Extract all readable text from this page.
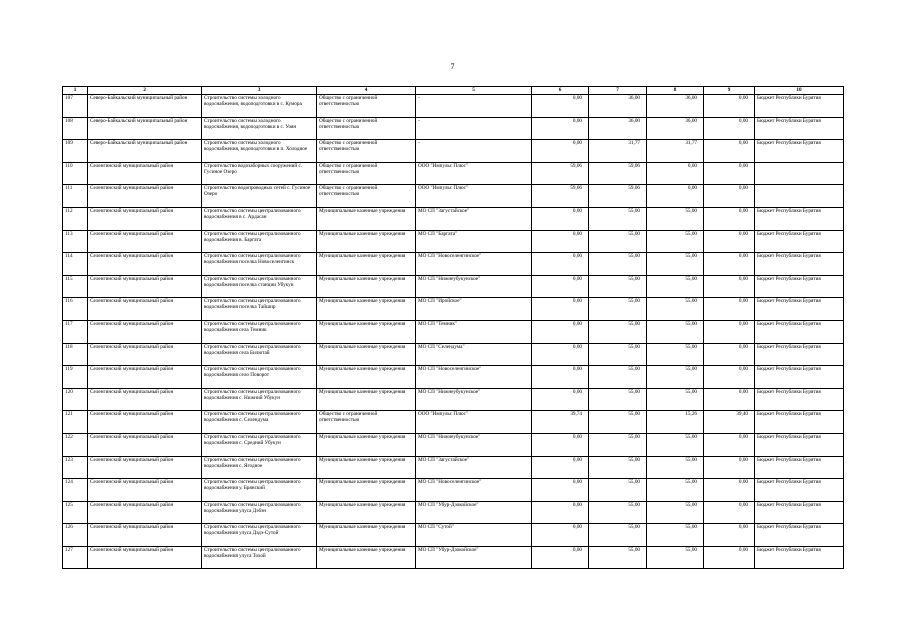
7
1	2	3	4	5	6	7	8	9	10
107	Северо-Байкальский муниципальный район	Строительство системы холодного водоснабжения, водоподготовки в с. Кумора	Общество с ограниченной ответственностью	-	0,00	36,00	36,00	0,00	Бюджет Республики Бурятия
108	Северо-Байкальский муниципальный район	Строительство системы холодного водоснабжения, водоподготовки в с. Уоян	Общество с ограниченной ответственностью	-	0,00	36,00	36,00	0,00	Бюджет Республики Бурятия
109	Северо-Байкальский муниципальный район	Строительство системы холодного водоснабжения, водоподготовки в п. Холодное	Общество с ограниченной ответственностью	-	0,00	31,77	31,77	0,00	Бюджет Республики Бурятия
110	Селенгинский муниципальный район	Строительство водозаборных сооружений с. Гусиное Озеро	Общество с ограниченной ответственностью	ООО "Импульс Плюс"	59,06	59,06	0,00	0,00	
111	Селенгинский муниципальный район	Строительство водопроводных сетей с. Гусиное Озеро	Общество с ограниченной ответственностью	ООО "Импульс Плюс"	59,06	59,06	0,00	0,00	
112	Селенгинский муниципальный район	Строительство системы централизованного водоснабжения в с. Ардасан	Муниципальные казенные учреждения	МО СП "Загустайское"	0,00	55,00	55,00	0,00	Бюджет Республики Бурятия
113	Селенгинский муниципальный район	Строительство системы централизованного водоснабжения в. Баргата	Муниципальные казенные учреждения	МО СП "Баргата"	0,00	55,00	55,00	0,00	Бюджет Республики Бурятия
114	Селенгинский муниципальный район	Строительство системы централизованного водоснабжения поселка Новоселенгинск	Муниципальные казенные учреждения	МО СП "Новоселенгинское"	0,00	55,00	55,00	0,00	Бюджет Республики Бурятия
115	Селенгинский муниципальный район	Строительство системы централизованного водоснабжения поселка станции Убукун	Муниципальные казенные учреждения	МО СП "Нижнеубукунское"	0,00	55,00	55,00	0,00	Бюджет Республики Бурятия
116	Селенгинский муниципальный район	Строительство системы централизованного водоснабжения поселка Тайшир	Муниципальные казенные учреждения	МО СП "Иройское"	0,00	55,00	55,00	0,00	Бюджет Республики Бурятия
117	Селенгинский муниципальный район	Строительство системы централизованного водоснабжения села Темник	Муниципальные казенные учреждения	МО СП "Темник"	0,00	55,00	55,00	0,00	Бюджет Республики Бурятия
118	Селенгинский муниципальный район	Строительство системы централизованного водоснабжения села Билютай	Муниципальные казенные учреждения	МО СП "Селендума"	0,00	55,00	55,00	0,00	Бюджет Республики Бурятия
119	Селенгинский муниципальный район	Строительство системы централизованного водоснабжения село Поворот	Муниципальные казенные учреждения	МО СП "Новоселенгинское"	0,00	55,00	55,00	0,00	Бюджет Республики Бурятия
120	Селенгинский муниципальный район	Строительство системы централизованного водоснабжения с. Нижний Убукун	Муниципальные казенные учреждения	МО СП "Нижнеубукунское"	0,00	55,00	55,00	0,00	Бюджет Республики Бурятия
121	Селенгинский муниципальный район	Строительство системы централизованного водоснабжения с. Селендума	Общество с ограниченной ответственностью	ООО "Импульс Плюс"	39,74	55,00	15,26	39,40	Бюджет Республики Бурятия
122	Селенгинский муниципальный район	Строительство системы централизованного водоснабжения с. Средний Убукун	Муниципальные казенные учреждения	МО СП "Нижнеубукунское"	0,00	55,00	55,00	0,00	Бюджет Республики Бурятия
123	Селенгинский муниципальный район	Строительство системы централизованного водоснабжения с. Ягодное	Муниципальные казенные учреждения	МО СП "Загустайское"	0,00	55,00	55,00	0,00	Бюджет Республики Бурятия
124	Селенгинский муниципальный район	Строительство системы централизованного водоснабжения у. Брянский	Муниципальные казенные учреждения	МО СП "Новоселенгинское"	0,00	55,00	55,00	0,00	Бюджет Республики Бурятия
125	Селенгинский муниципальный район	Строительство системы централизованного водоснабжения улуса Дэбэн	Муниципальные казенные учреждения	МО СП "Убур-Дзокойское"	0,00	55,00	55,00	0,00	Бюджет Республики Бурятия
126	Селенгинский муниципальный район	Строительство системы централизованного водоснабжения улуса Дэдэ-Сутой	Муниципальные казенные учреждения	МО СП "Сутой"	0,00	55,00	55,00	0,00	Бюджет Республики Бурятия
127	Селенгинский муниципальный район	Строительство системы централизованного водоснабжения улуса Тохой	Муниципальные казенные учреждения	МО СП "Убур-Дзокойское"	0,00	55,00	55,00	0,00	Бюджет Республики Бурятия
